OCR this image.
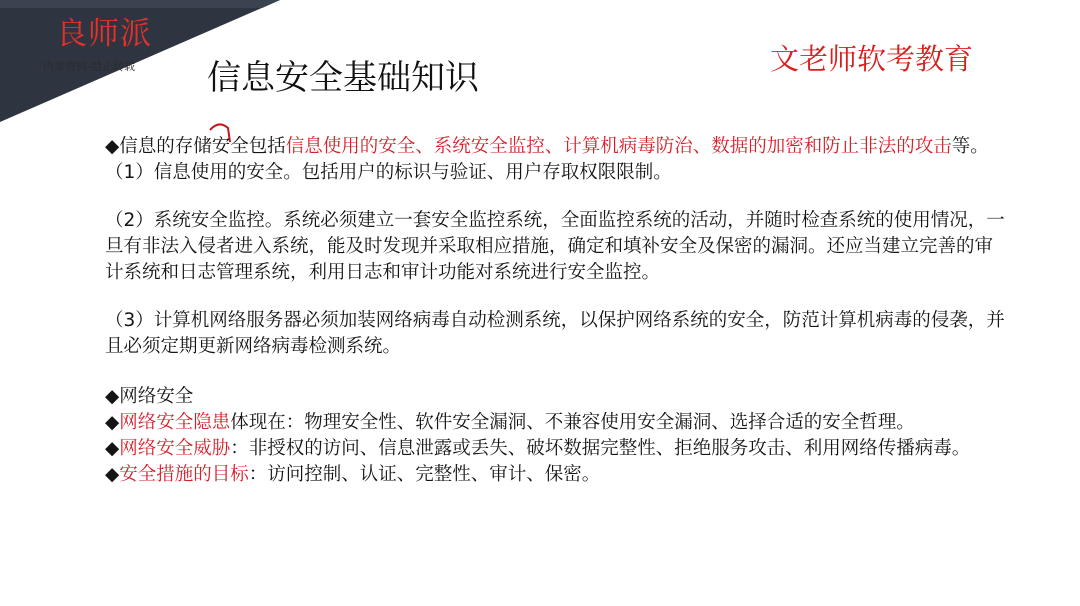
良师派
内部资料-禁止转载 信息安全基础知识	文老师软考教育

◆信息的存储安全包括信息使用的安全、系统安全监控、计算机病毒防治、数据的加密和防止非法的攻击等。

（1）信息使用的安全。包括用户的标识与验证、用户存取权限限制。

（2）系统安全监控。系统必须建立一套安全监控系统，全面监控系统的活动，并随时检查系统的使用情况，一旦有非法入侵者进入系统，能及时发现并采取相应措施，确定和填补安全及保密的漏洞。还应当建立完善的审计系统和日志管理系统，利用日志和审计功能对系统进行安全监控。

（3）计算机网络服务器必须加装网络病毒自动检测系统，以保护网络系统的安全，防范计算机病毒的侵袭，并且必须定期更新网络病毒检测系统。

◆网络安全

◆网络安全隐患体现在：物理安全性、软件安全漏洞、不兼容使用安全漏洞、选择合适的安全哲理。

◆网络安全威胁：非授权的访问、信息泄露或丢失、破坏数据完整性、拒绝服务攻击、利用网络传播病毒。

◆安全措施的目标：访问控制、认证、完整性、审计、保密。
